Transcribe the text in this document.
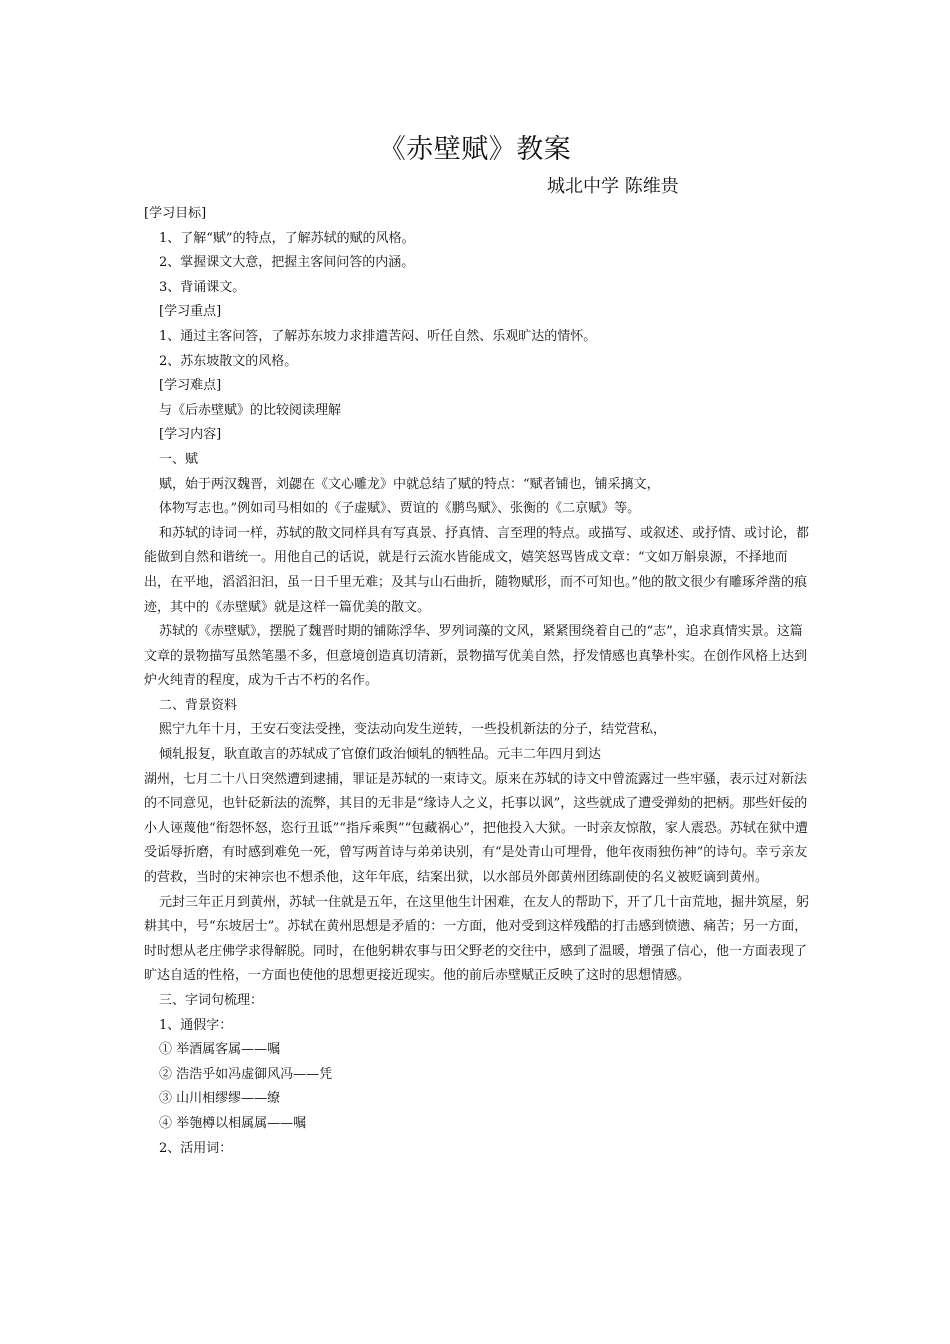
《赤壁赋》教案
城北中学 陈维贵

[学习目标]

1、了解“赋”的特点，了解苏轼的赋的风格。

2、掌握课文大意，把握主客间问答的内涵。

3、背诵课文。

[学习重点]

1、通过主客问答，了解苏东坡力求排遣苦闷、听任自然、乐观旷达的情怀。

2、苏东坡散文的风格。

[学习难点]

与《后赤壁赋》的比较阅读理解

[学习内容]

一、赋

赋，始于两汉魏晋，刘勰在《文心雕龙》中就总结了赋的特点：“赋者铺也，铺采摛文，

体物写志也。”例如司马相如的《子虚赋》、贾谊的《鹏鸟赋》、张衡的《二京赋》等。

和苏轼的诗词一样，苏轼的散文同样具有写真景、抒真情、言至理的特点。或描写、或叙述、或抒情、或讨论，都能做到自然和谐统一。用他自己的话说，就是行云流水皆能成文，嬉笑怒骂皆成文章：“文如万斛泉源，不择地而出，在平地，滔滔汩汩，虽一日千里无难；及其与山石曲折，随物赋形，而不可知也。”他的散文很少有雕琢斧凿的痕迹，其中的《赤壁赋》就是这样一篇优美的散文。

苏轼的《赤壁赋》，摆脱了魏晋时期的铺陈浮华、罗列词藻的文风，紧紧围绕着自己的“志”，追求真情实景。这篇文章的景物描写虽然笔墨不多，但意境创造真切清新，景物描写优美自然，抒发情感也真挚朴实。在创作风格上达到炉火纯青的程度，成为千古不朽的名作。

二、背景资料

熙宁九年十月，王安石变法受挫，变法动向发生逆转，一些投机新法的分子，结党营私，

倾轧报复，耿直敢言的苏轼成了官僚们政治倾轧的牺牲品。元丰二年四月到达

湖州，七月二十八日突然遭到逮捕，罪证是苏轼的一束诗文。原来在苏轼的诗文中曾流露过一些牢骚，表示过对新法的不同意见，也针砭新法的流弊，其目的无非是“缘诗人之义，托事以讽”，这些就成了遭受弹劾的把柄。那些奸佞的小人诬蔑他“衔怨怀怒，恣行丑诋”“指斥乘舆”“包藏祸心”，把他投入大狱。一时亲友惊散，家人震恐。苏轼在狱中遭受诟辱折磨，有时感到难免一死，曾写两首诗与弟弟诀别，有“是处青山可埋骨，他年夜雨独伤神”的诗句。幸亏亲友的营救，当时的宋神宗也不想杀他，这年年底，结案出狱，以水部员外郎黄州团练副使的名义被贬谪到黄州。

元封三年正月到黄州，苏轼一住就是五年，在这里他生计困难，在友人的帮助下，开了几十亩荒地，掘井筑屋，躬耕其中，号“东坡居士”。苏轼在黄州思想是矛盾的：一方面，他对受到这样残酷的打击感到愤懑、痛苦；另一方面，时时想从老庄佛学求得解脱。同时，在他躬耕农事与田父野老的交往中，感到了温暖，增强了信心，他一方面表现了旷达自适的性格，一方面也使他的思想更接近现实。他的前后赤壁赋正反映了这时的思想情感。

三、字词句梳理：

1、通假字：

① 举酒属客属——嘱

② 浩浩乎如冯虚御风冯——凭

③ 山川相缪缪——缭

④ 举匏樽以相属属——嘱

2、活用词：
